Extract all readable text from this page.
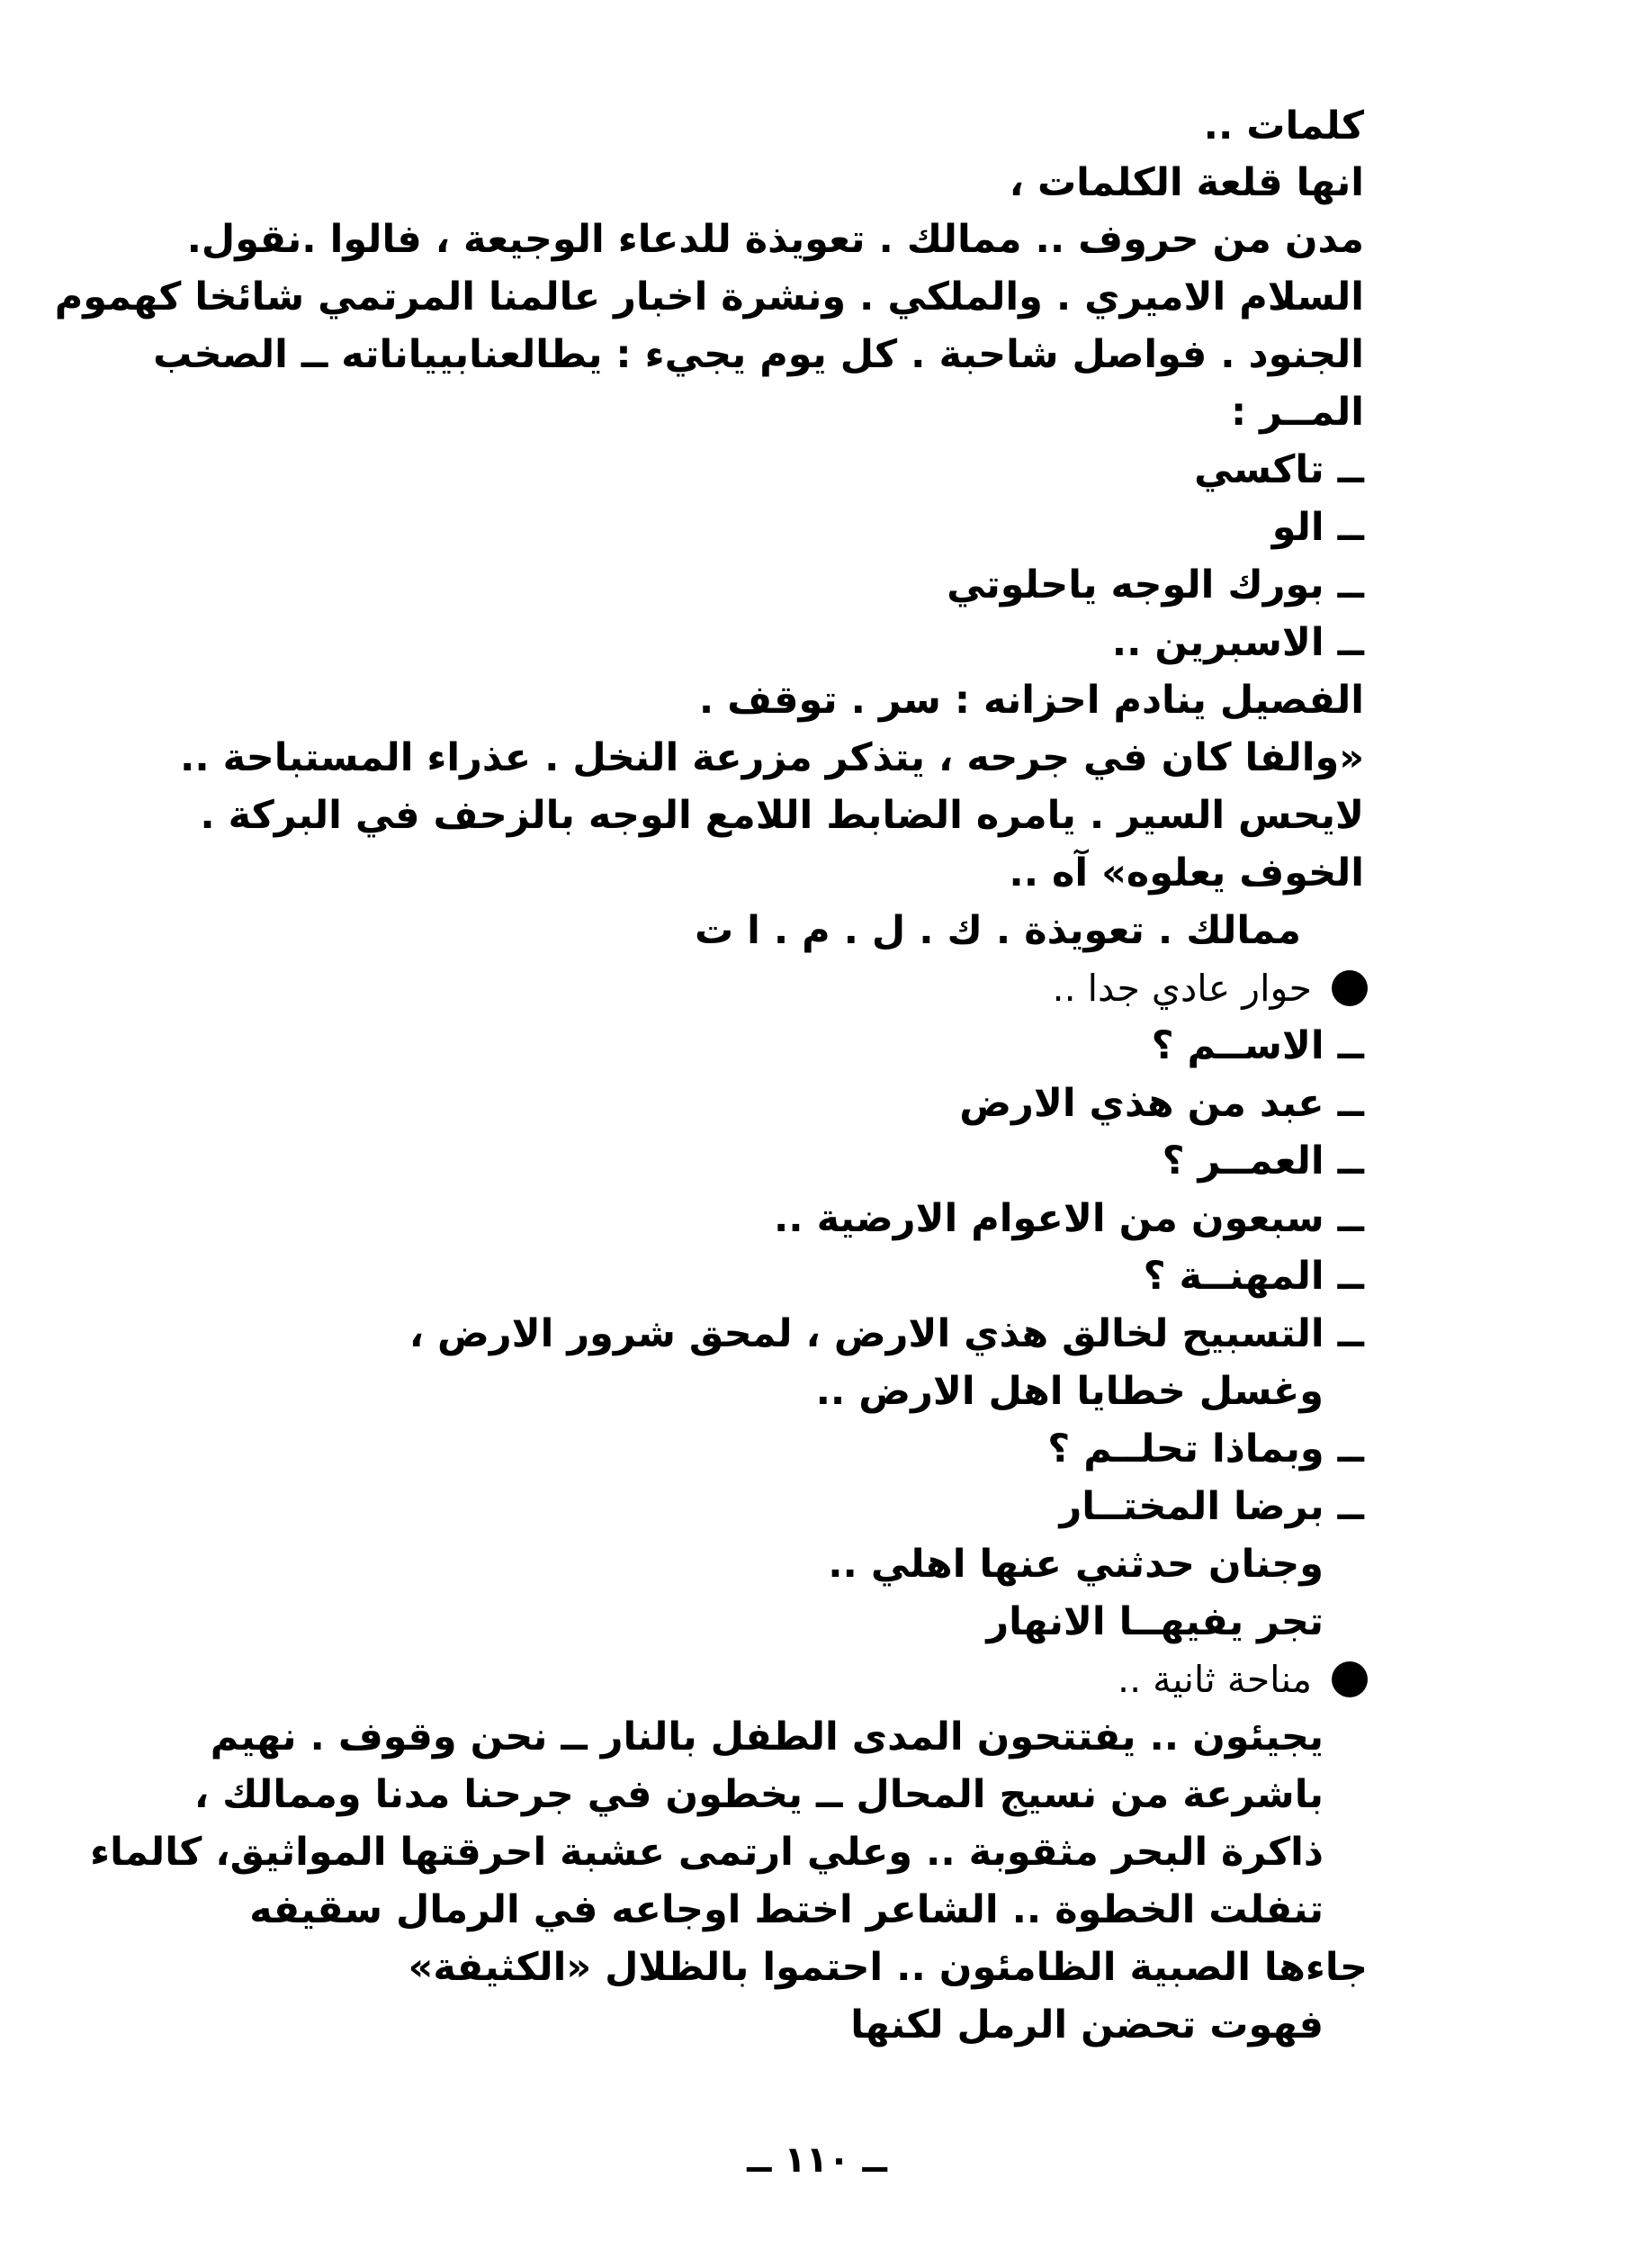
كلمات ..
انها قلعة الكلمات ،
مدن من حروف .. ممالك . تعويذة للدعاء الوجيعة ، فالوا .نقول.
السلام الاميري . والملكي . ونشرة اخبار عالمنا المرتمي شائخا كهموم
الجنود . فواصل شاحبة . كل يوم يجيء : يطالعنابيياناته ــ الصخب
المــر :
ــ تاكسي
ــ الو
ــ بورك الوجه ياحلوتي
ــ الاسبرين ..
الفصيل ينادم احزانه : سر . توقف .
«والفا كان في جرحه ، يتذكر مزرعة النخل . عذراء المستباحة ..
لايحس السير . يامره الضابط اللامع الوجه بالزحف في البركة .
الخوف يعلوه» آه ..
ممالك . تعويذة . ك . ل . م . ا ت
حوار عادي جدا ..
ــ الاســم ؟
ــ عبد من هذي الارض
ــ العمــر ؟
ــ سبعون من الاعوام الارضية ..
ــ المهنــة ؟
ــ التسبيح لخالق هذي الارض ، لمحق شرور الارض ،
وغسل خطايا اهل الارض ..
ــ وبماذا تحلــم ؟
ــ برضا المختــار
وجنان حدثني عنها اهلي ..
تجر يفيهــا الانهار
مناحة ثانية ..
يجيئون .. يفتتحون المدى الطفل بالنار ــ نحن وقوف . نهيم
باشرعة من نسيج المحال ــ يخطون في جرحنا مدنا وممالك ،
ذاكرة البحر مثقوبة .. وعلي ارتمى عشبة احرقتها المواثيق، كالماء
تنفلت الخطوة .. الشاعر اختط اوجاعه في الرمال سقيفه
جاءها الصبية الظامئون .. احتموا بالظلال «الكثيفة»
فهوت تحضن الرمل لكنها
ــ ١١٠ ــ
